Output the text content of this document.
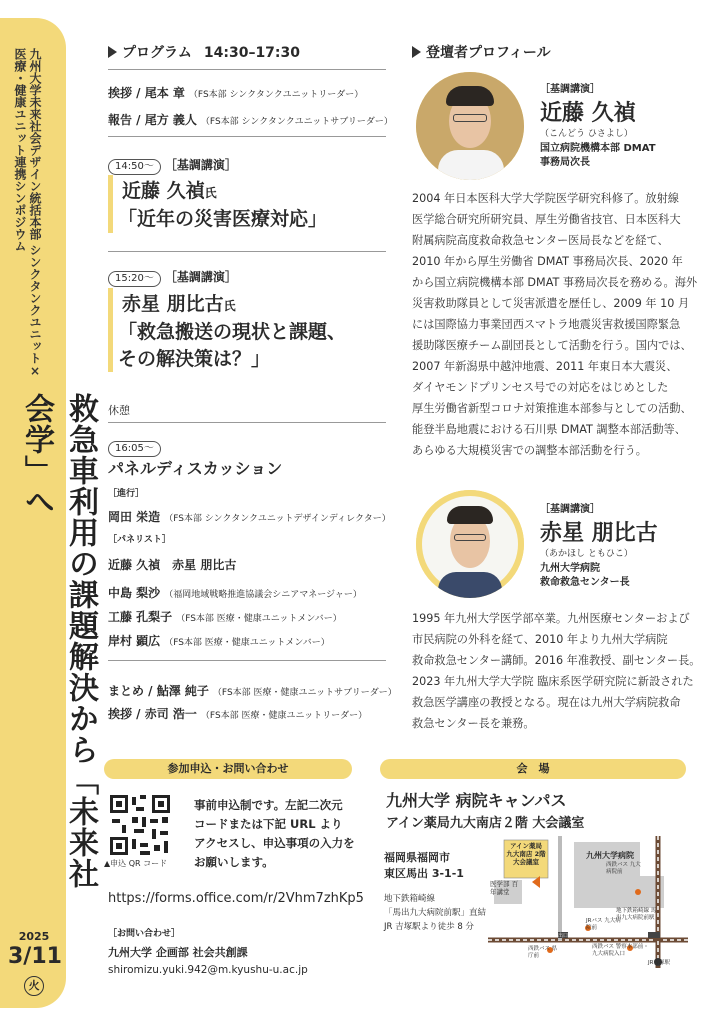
九州大学未来社会デザイン統括本部 シンクタンクユニット×医療・健康ユニット連携シンポジウム
救急車利用の課題解決から「未来社会学」へ
2025
3/11
火
プログラム 14:30–17:30
挨拶 / 尾本 章 （FS本部 シンクタンクユニットリーダー）
報告 / 尾方 義人 （FS本部 シンクタンクユニットサブリーダー）
14:50～ ［基調講演］
近藤 久禎氏
「近年の災害医療対応」
15:20～ ［基調講演］
赤星 朋比古氏
「救急搬送の現状と課題、
その解決策は？」
休憩
16:05～
パネルディスカッション
［進行］
岡田 栄造 （FS本部 シンクタンクユニットデザインディレクター）
［パネリスト］
近藤 久禎　赤星 朋比古
中島 梨沙 （福岡地域戦略推進協議会シニアマネージャー）
工藤 孔梨子 （FS本部 医療・健康ユニットメンバー）
岸村 顕広 （FS本部 医療・健康ユニットメンバー）
まとめ / 鮎澤 純子 （FS本部 医療・健康ユニットサブリーダー）
挨拶 / 赤司 浩一 （FS本部 医療・健康ユニットリーダー）
登壇者プロフィール
［基調講演］
近藤 久禎
（こんどう ひさよし）
国立病院機構本部 DMAT
事務局次長
2004 年日本医科大学大学院医学研究科修了。放射線
医学総合研究所研究員、厚生労働省技官、日本医科大
附属病院高度救命救急センター医局長などを経て、
2010 年から厚生労働省 DMAT 事務局次長、2020 年
から国立病院機構本部 DMAT 事務局次長を務める。海外
災害救助隊員として災害派遣を歴任し、2009 年 10 月
には国際協力事業団西スマトラ地震災害救援国際緊急
援助隊医療チーム副団長として活動を行う。国内では、
2007 年新潟県中越沖地震、2011 年東日本大震災、
ダイヤモンドプリンセス号での対応をはじめとした
厚生労働省新型コロナ対策推進本部参与としての活動、
能登半島地震における石川県 DMAT 調整本部活動等、
あらゆる大規模災害での調整本部活動を行う。
［基調講演］
赤星 朋比古
（あかほし ともひこ）
九州大学病院
救命救急センター長
1995 年九州大学医学部卒業。九州医療センターおよび
市民病院の外科を経て、2010 年より九州大学病院
救命救急センター講師。2016 年准教授、副センター長。
2023 年九州大学大学院 臨床系医学研究院に新設された
救急医学講座の教授となる。現在は九州大学病院救命
救急センター長を兼務。
参加申込・お問い合わせ
▲申込 QR コード
事前申込制です。左記二次元
コードまたは下記 URL より
アクセスし、申込事項の入力を
お願いします。
https://forms.office.com/r/2Vhm7zhKp5
［お問い合わせ］
九州大学 企画部 社会共創課
shiromizu.yuki.942@m.kyushu-u.ac.jp
会　場
九州大学 病院キャンパス
アイン薬局九大南店２階 大会議室
福岡県福岡市
東区馬出 3-1-1
地下鉄箱崎線
「馬出九大病院前駅」直結
JR 吉塚駅より徒歩 8 分
アイン薬局 九大南店 2階 大会議室
九州大学病院
医学部 百年講堂
西鉄バス 九大病院前
地下鉄箱崎線 馬出九大病院前駅
JRバス 九大病院前
西鉄バス 県庁前
西鉄バス 警察本部前・九大病院入口
JR吉塚駅
出口
